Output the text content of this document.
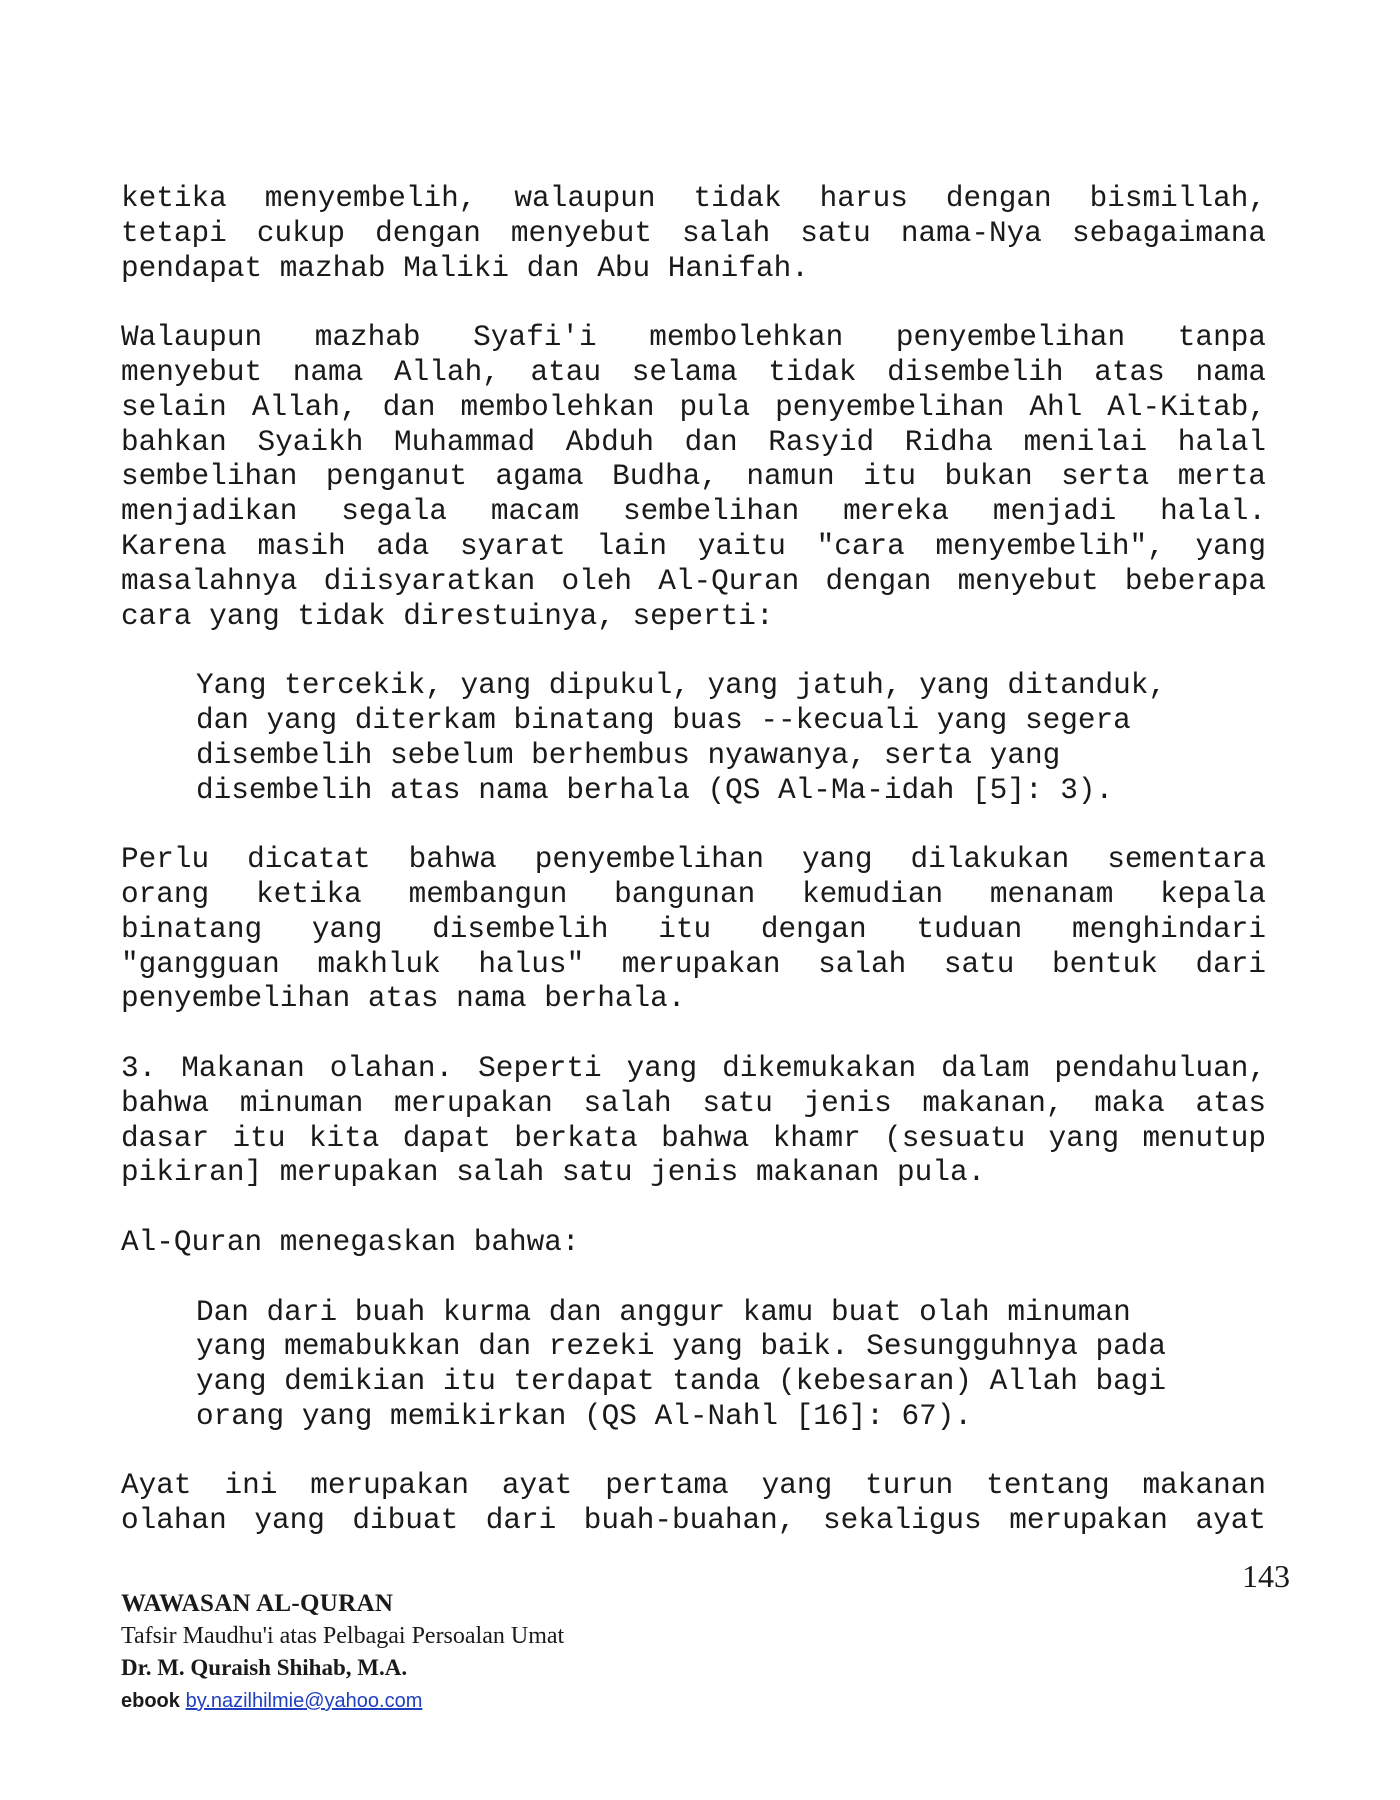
ketika menyembelih, walaupun tidak harus dengan bismillah,
tetapi cukup dengan menyebut salah satu nama-Nya sebagaimana
pendapat mazhab Maliki dan Abu Hanifah.
Walaupun mazhab Syafi'i membolehkan penyembelihan tanpa
menyebut nama Allah, atau selama tidak disembelih atas nama
selain Allah, dan membolehkan pula penyembelihan Ahl Al-Kitab,
bahkan Syaikh Muhammad Abduh dan Rasyid Ridha menilai halal
sembelihan penganut agama Budha, namun itu bukan serta merta
menjadikan segala macam sembelihan mereka menjadi halal.
Karena masih ada syarat lain yaitu "cara menyembelih", yang
masalahnya diisyaratkan oleh Al-Quran dengan menyebut beberapa
cara yang tidak direstuinya, seperti:
Yang tercekik, yang dipukul, yang jatuh, yang ditanduk,
dan yang diterkam binatang buas --kecuali yang segera
disembelih sebelum berhembus nyawanya, serta yang
disembelih atas nama berhala (QS Al-Ma-idah [5]: 3).
Perlu dicatat bahwa penyembelihan yang dilakukan sementara
orang ketika membangun bangunan kemudian menanam kepala
binatang yang disembelih itu dengan tuduan menghindari
"gangguan makhluk halus" merupakan salah satu bentuk dari
penyembelihan atas nama berhala.
3. Makanan olahan. Seperti yang dikemukakan dalam pendahuluan,
bahwa minuman merupakan salah satu jenis makanan, maka atas
dasar itu kita dapat berkata bahwa khamr (sesuatu yang menutup
pikiran] merupakan salah satu jenis makanan pula.
Al-Quran menegaskan bahwa:
Dan dari buah kurma dan anggur kamu buat olah minuman
yang memabukkan dan rezeki yang baik. Sesungguhnya pada
yang demikian itu terdapat tanda (kebesaran) Allah bagi
orang yang memikirkan (QS Al-Nahl [16]: 67).
Ayat ini merupakan ayat pertama yang turun tentang makanan
olahan yang dibuat dari buah-buahan, sekaligus merupakan ayat
143
WAWASAN AL-QURAN
Tafsir Maudhu'i atas Pelbagai Persoalan Umat
Dr. M. Quraish Shihab, M.A.
ebook by.nazilhilmie@yahoo.com
